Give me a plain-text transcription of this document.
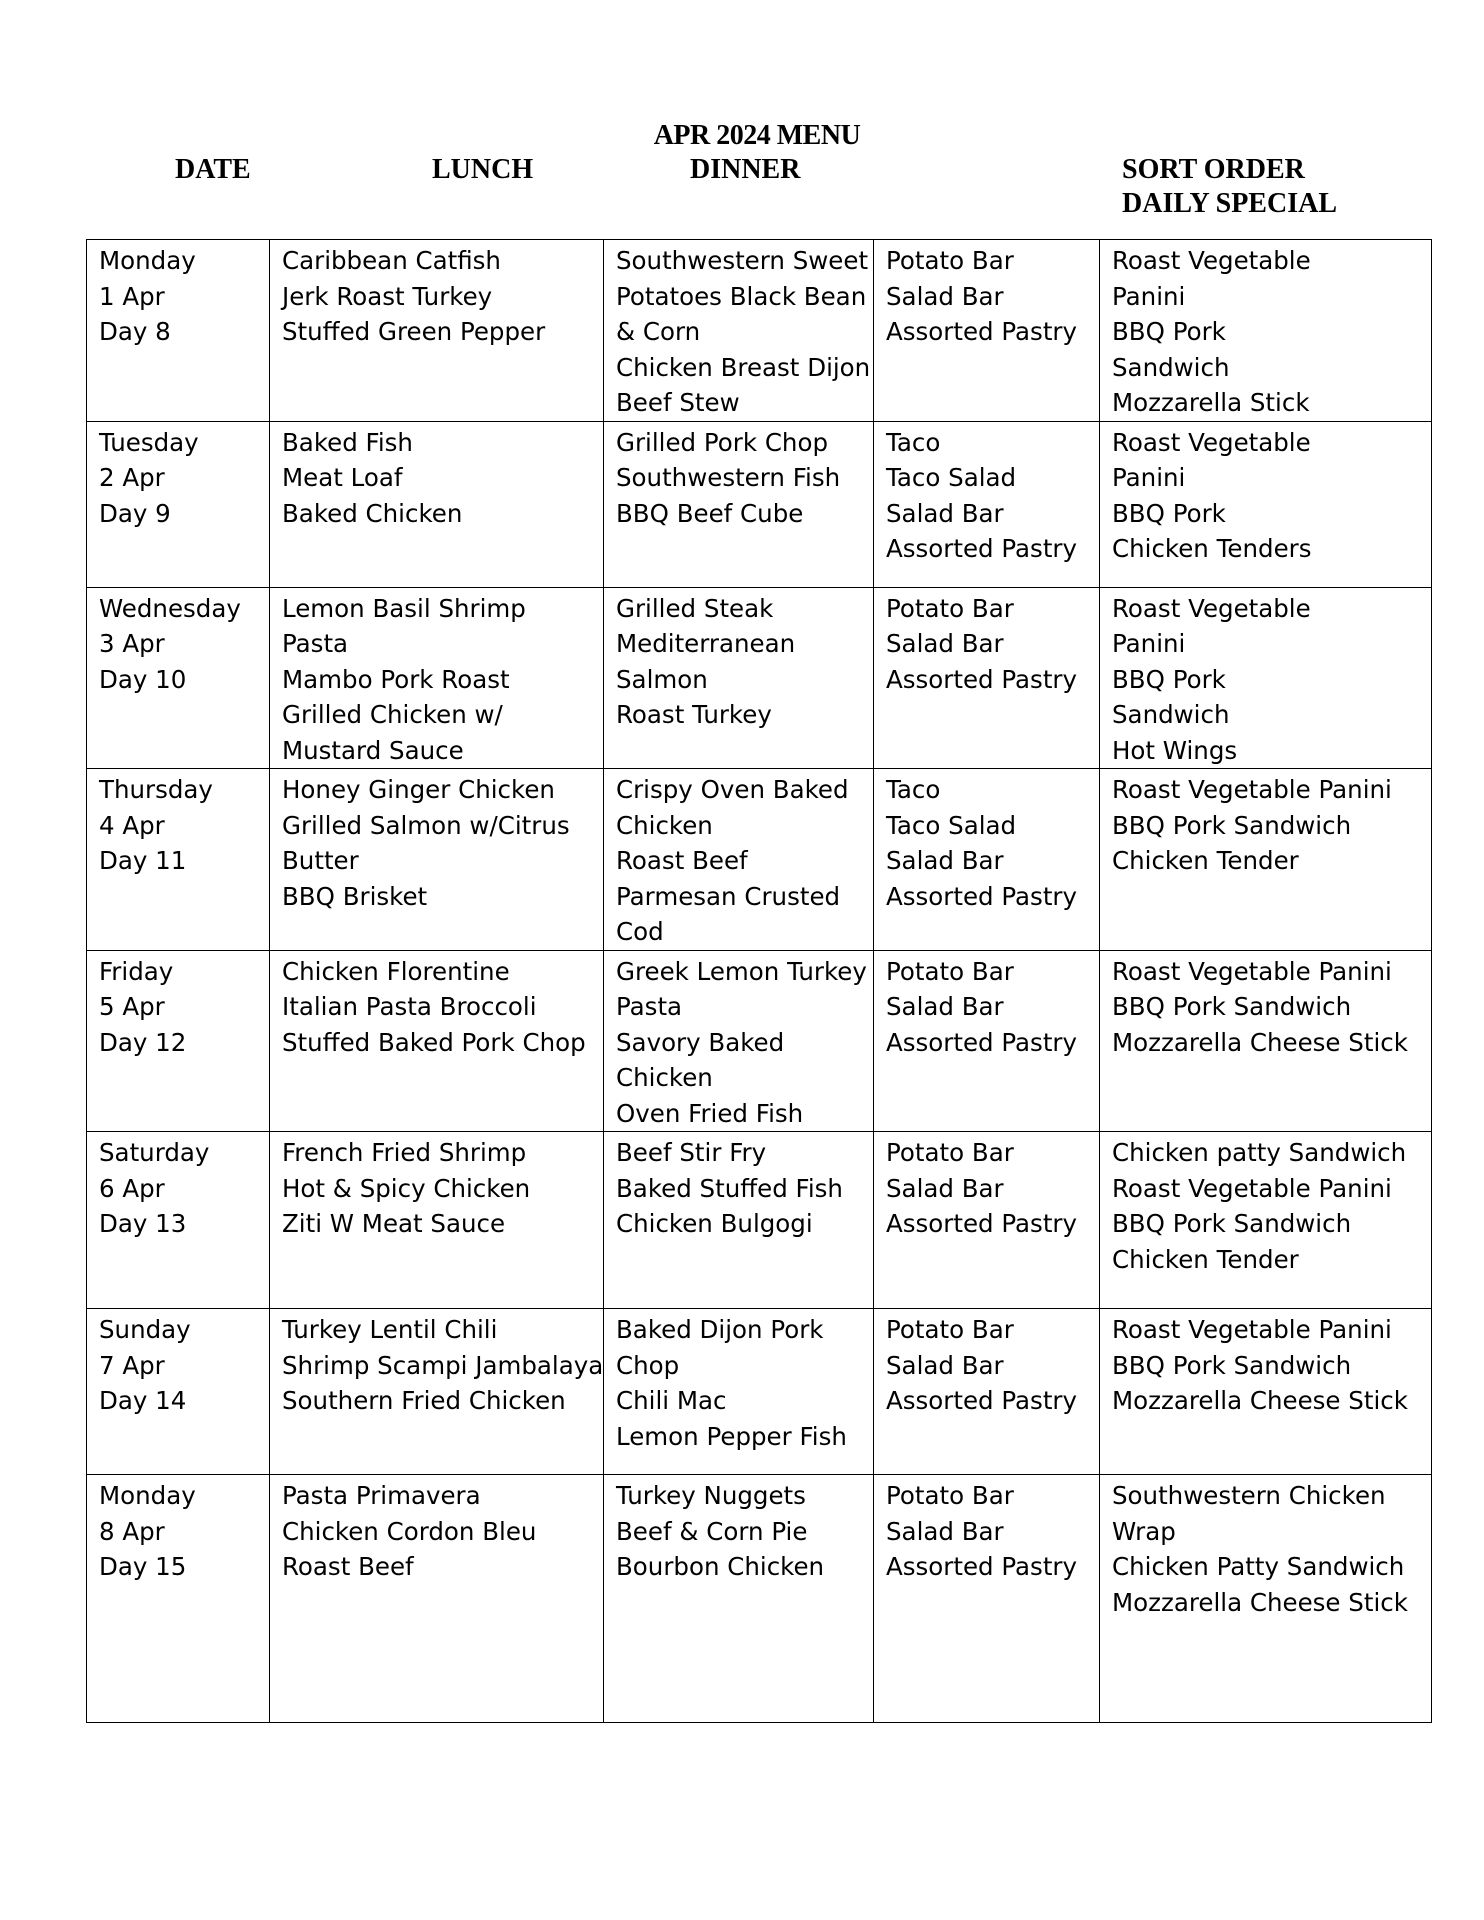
APR 2024 MENU
DATE	LUNCH	DINNER	SORT ORDER
DAILY SPECIAL
Monday
1 Apr
Day 8	Caribbean Catfish
Jerk Roast Turkey
Stuffed Green Pepper	Southwestern Sweet
Potatoes Black Bean
& Corn
Chicken Breast Dijon
Beef Stew	Potato Bar
Salad Bar
Assorted Pastry	Roast Vegetable
Panini
BBQ Pork
Sandwich
Mozzarella Stick

Tuesday
2 Apr
Day 9	Baked Fish
Meat Loaf
Baked Chicken	Grilled Pork Chop
Southwestern Fish
BBQ Beef Cube	Taco
Taco Salad
Salad Bar
Assorted Pastry	Roast Vegetable
Panini
BBQ Pork
Chicken Tenders

Wednesday
3 Apr
Day 10	Lemon Basil Shrimp
Pasta
Mambo Pork Roast
Grilled Chicken w/
Mustard Sauce	Grilled Steak
Mediterranean
Salmon
Roast Turkey	Potato Bar
Salad Bar
Assorted Pastry	Roast Vegetable
Panini
BBQ Pork
Sandwich
Hot Wings

Thursday
4 Apr
Day 11	Honey Ginger Chicken
Grilled Salmon w/Citrus
Butter
BBQ Brisket	Crispy Oven Baked
Chicken
Roast Beef
Parmesan Crusted
Cod	Taco
Taco Salad
Salad Bar
Assorted Pastry	Roast Vegetable Panini
BBQ Pork Sandwich
Chicken Tender

Friday
5 Apr
Day 12	Chicken Florentine
Italian Pasta Broccoli
Stuffed Baked Pork Chop	Greek Lemon Turkey
Pasta
Savory Baked
Chicken
Oven Fried Fish	Potato Bar
Salad Bar
Assorted Pastry	Roast Vegetable Panini
BBQ Pork Sandwich
Mozzarella Cheese Stick

Saturday
6 Apr
Day 13	French Fried Shrimp
Hot & Spicy Chicken
Ziti W Meat Sauce	Beef Stir Fry
Baked Stuffed Fish
Chicken Bulgogi	Potato Bar
Salad Bar
Assorted Pastry	Chicken patty Sandwich
Roast Vegetable Panini
BBQ Pork Sandwich
Chicken Tender

Sunday
7 Apr
Day 14	Turkey Lentil Chili
Shrimp Scampi Jambalaya
Southern Fried Chicken	Baked Dijon Pork
Chop
Chili Mac
Lemon Pepper Fish	Potato Bar
Salad Bar
Assorted Pastry	Roast Vegetable Panini
BBQ Pork Sandwich
Mozzarella Cheese Stick

Monday
8 Apr
Day 15	Pasta Primavera
Chicken Cordon Bleu
Roast Beef	Turkey Nuggets
Beef & Corn Pie
Bourbon Chicken	Potato Bar
Salad Bar
Assorted Pastry	Southwestern Chicken
Wrap
Chicken Patty Sandwich
Mozzarella Cheese Stick
